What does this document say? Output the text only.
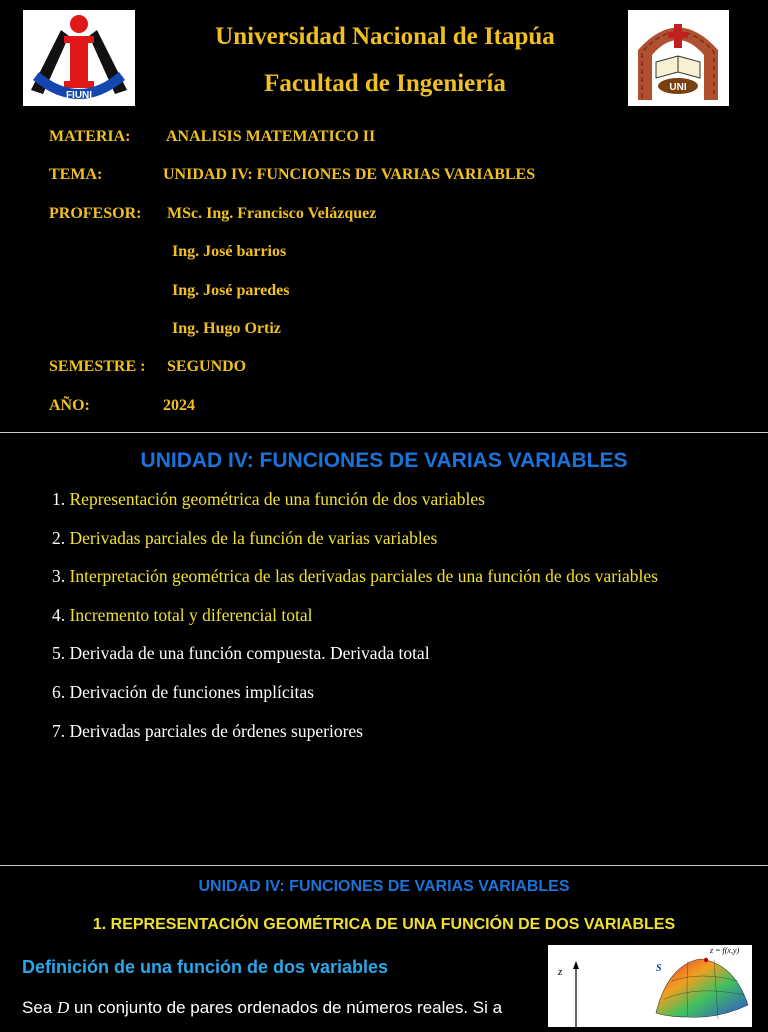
FIUNI
UNI
Universidad Nacional de Itapúa
Facultad de Ingeniería
MATERIA: ANALISIS MATEMATICO II
TEMA:	UNIDAD IV: FUNCIONES DE VARIAS VARIABLES
PROFESOR: MSc. Ing. Francisco Velázquez
Ing. José barrios
Ing. José paredes
Ing. Hugo Ortiz
SEMESTRE : SEGUNDO
AÑO:	2024
UNIDAD IV: FUNCIONES DE VARIAS VARIABLES
1. Representación geométrica de una función de dos variables
2. Derivadas parciales de la función de varias variables
3. Interpretación geométrica de las derivadas parciales de una función de dos variables
4. Incremento total y diferencial total
5. Derivada de una función compuesta. Derivada total
6. Derivación de funciones implícitas
7. Derivadas parciales de órdenes superiores
UNIDAD IV: FUNCIONES DE VARIAS VARIABLES
1. REPRESENTACIÓN GEOMÉTRICA DE UNA FUNCIÓN DE DOS VARIABLES
Definición de una función de dos variables
Sea D un conjunto de pares ordenados de números reales. Si a
z	S
z = f(x,y)
